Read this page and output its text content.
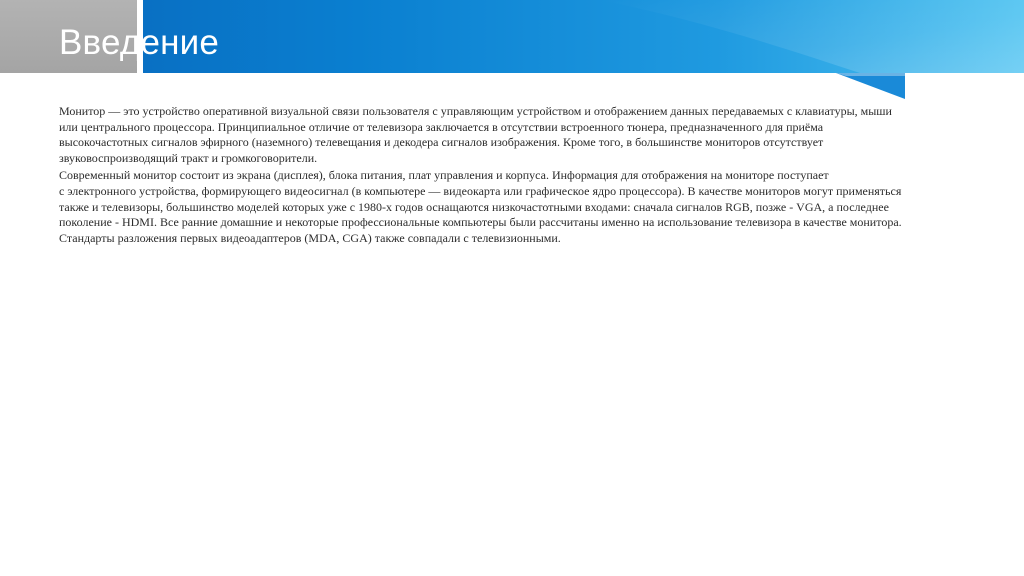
Введение

Монитор — это устройство оперативной визуальной связи пользователя с управляющим устройством и отображением данных передаваемых с клавиатуры, мыши
или центрального процессора. Принципиальное отличие от телевизора заключается в отсутствии встроенного тюнера, предназначенного для приёма
высокочастотных сигналов эфирного (наземного) телевещания и декодера сигналов изображения. Кроме того, в большинстве мониторов отсутствует
звуковоспроизводящий тракт и громкоговорители.

Современный монитор состоит из экрана (дисплея), блока питания, плат управления и корпуса. Информация для отображения на мониторе поступает
с электронного устройства, формирующего видеосигнал (в компьютере — видеокарта или графическое ядро процессора). В качестве мониторов могут применяться
также и телевизоры, большинство моделей которых уже с 1980-х годов оснащаются низкочастотными входами: сначала сигналов RGB, позже - VGA, а последнее
поколение - HDMI. Все ранние домашние и некоторые профессиональные компьютеры были рассчитаны именно на использование телевизора в качестве монитора.
Стандарты разложения первых видеоадаптеров (MDA, CGA) также совпадали с телевизионными.
